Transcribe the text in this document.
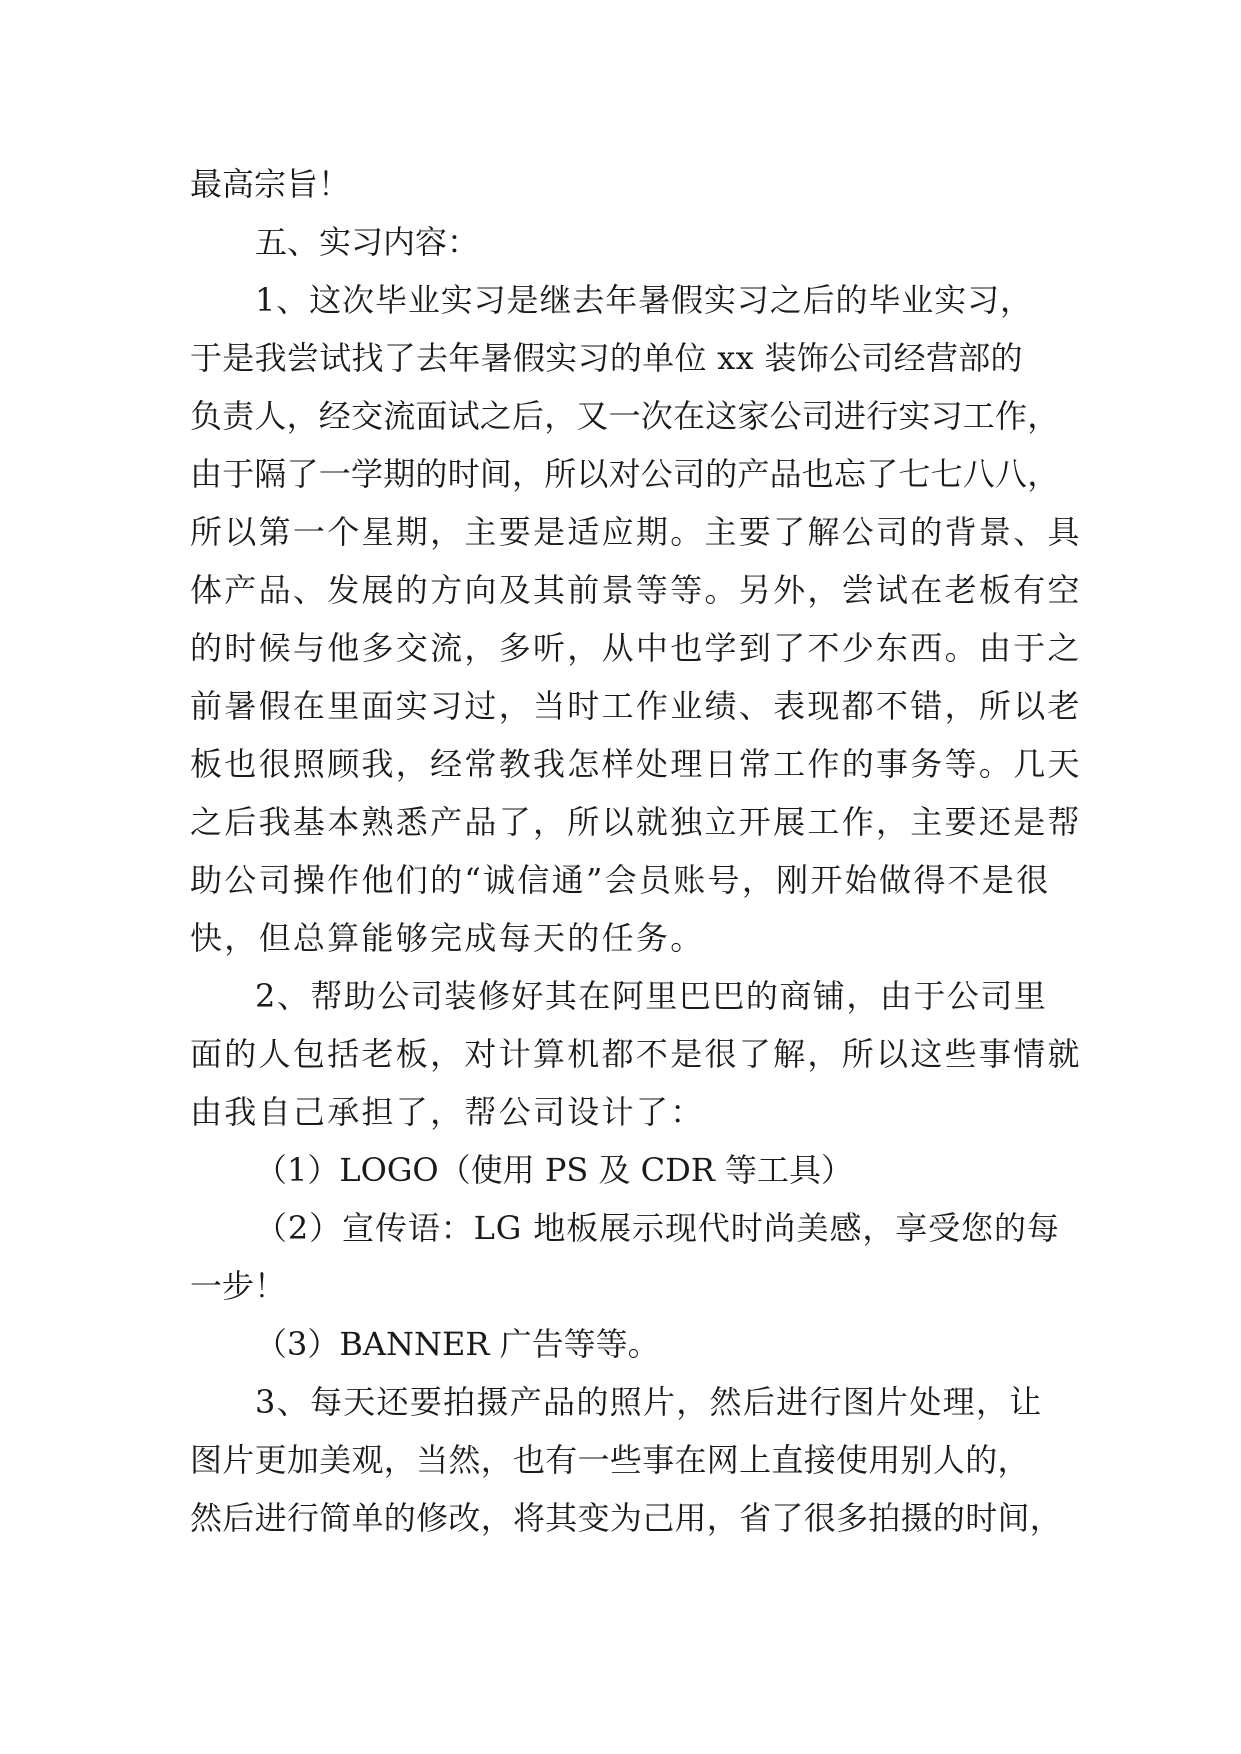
最高宗旨！
五、实习内容：
1、这次毕业实习是继去年暑假实习之后的毕业实习，
于是我尝试找了去年暑假实习的单位 xx 装饰公司经营部的
负责人，经交流面试之后，又一次在这家公司进行实习工作，
由于隔了一学期的时间，所以对公司的产品也忘了七七八八，
所以第一个星期，主要是适应期。主要了解公司的背景、具
体产品、发展的方向及其前景等等。另外，尝试在老板有空
的时候与他多交流，多听，从中也学到了不少东西。由于之
前暑假在里面实习过，当时工作业绩、表现都不错，所以老
板也很照顾我，经常教我怎样处理日常工作的事务等。几天
之后我基本熟悉产品了，所以就独立开展工作，主要还是帮
助公司操作他们的“诚信通”会员账号，刚开始做得不是很
快，但总算能够完成每天的任务。
2、帮助公司装修好其在阿里巴巴的商铺，由于公司里
面的人包括老板，对计算机都不是很了解，所以这些事情就
由我自己承担了，帮公司设计了：
（1）LOGO（使用 PS 及 CDR 等工具）
（2）宣传语：LG 地板展示现代时尚美感，享受您的每
一步！
（3）BANNER 广告等等。
3、每天还要拍摄产品的照片，然后进行图片处理，让
图片更加美观，当然，也有一些事在网上直接使用别人的，
然后进行简单的修改，将其变为己用，省了很多拍摄的时间，
